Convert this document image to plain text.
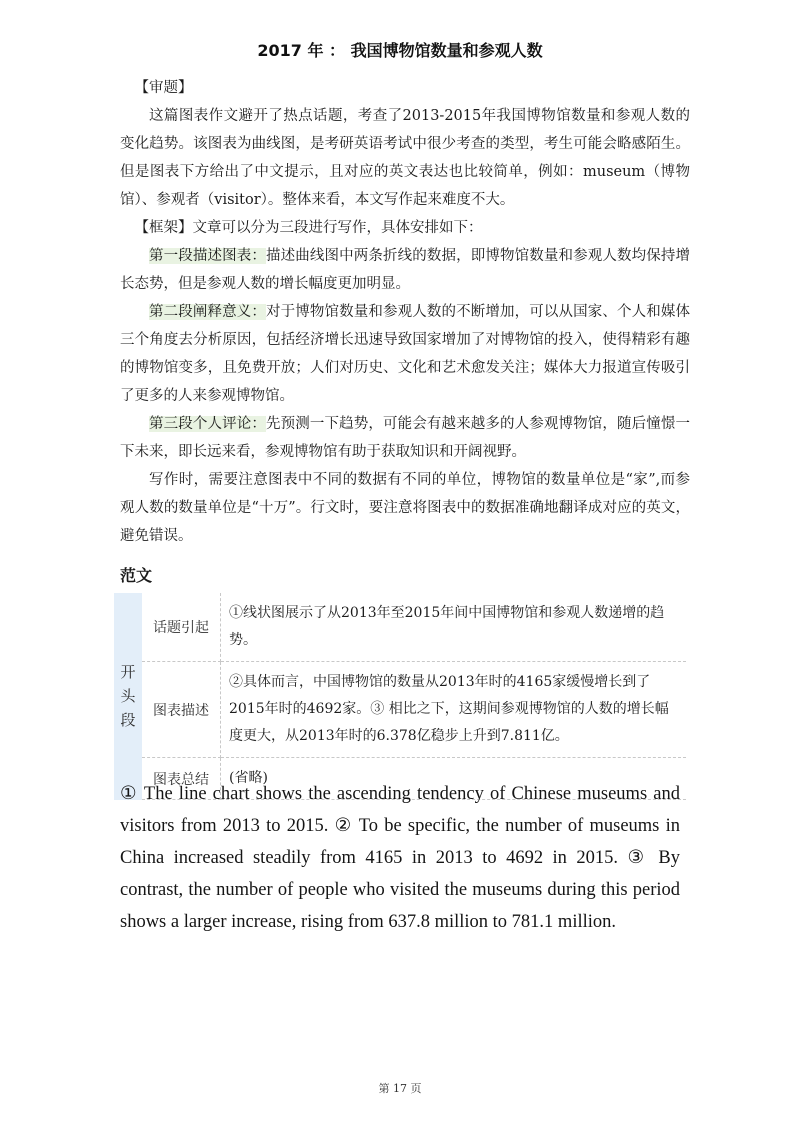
2017 年 ： 我国博物馆数量和参观人数

【审题】

这篇图表作文避开了热点话题，考查了2013-2015年我国博物馆数量和参观人数的变化趋势。该图表为曲线图，是考研英语考试中很少考查的类型，考生可能会略感陌生。但是图表下方给出了中文提示，且对应的英文表达也比较简单，例如：museum（博物馆）、参观者（visitor）。整体来看，本文写作起来难度不大。

【框架】文章可以分为三段进行写作，具体安排如下：

第一段描述图表：描述曲线图中两条折线的数据，即博物馆数量和参观人数均保持增长态势，但是参观人数的增长幅度更加明显。

第二段阐释意义：对于博物馆数量和参观人数的不断增加，可以从国家、个人和媒体三个角度去分析原因，包括经济增长迅速导致国家增加了对博物馆的投入，使得精彩有趣的博物馆变多，且免费开放；人们对历史、文化和艺术愈发关注；媒体大力报道宣传吸引了更多的人来参观博物馆。

第三段个人评论：先预测一下趋势，可能会有越来越多的人参观博物馆，随后憧憬一下未来，即长远来看，参观博物馆有助于获取知识和开阔视野。

写作时，需要注意图表中不同的数据有不同的单位，博物馆的数量单位是“家”,而参观人数的数量单位是“十万”。行文时，要注意将图表中的数据准确地翻译成对应的英文，避免错误。

范文
开头段	话题引起	①线状图展示了从2013年至2015年间中国博物馆和参观人数递增的趋势。
	图表描述	②具体而言，中国博物馆的数量从2013年时的4165家缓慢增长到了2015年时的4692家。③ 相比之下，这期间参观博物馆的人数的增长幅度更大，从2013年时的6.378亿稳步上升到7.811亿。
	图表总结	(省略)

① The line chart shows the ascending tendency of Chinese museums and visitors from 2013 to 2015. ② To be specific, the number of museums in China increased steadily from 4165 in 2013 to 4692 in 2015. ③ By contrast, the number of people who visited the museums during this period shows a larger increase, rising from 637.8 million to 781.1 million.

第 17 页
